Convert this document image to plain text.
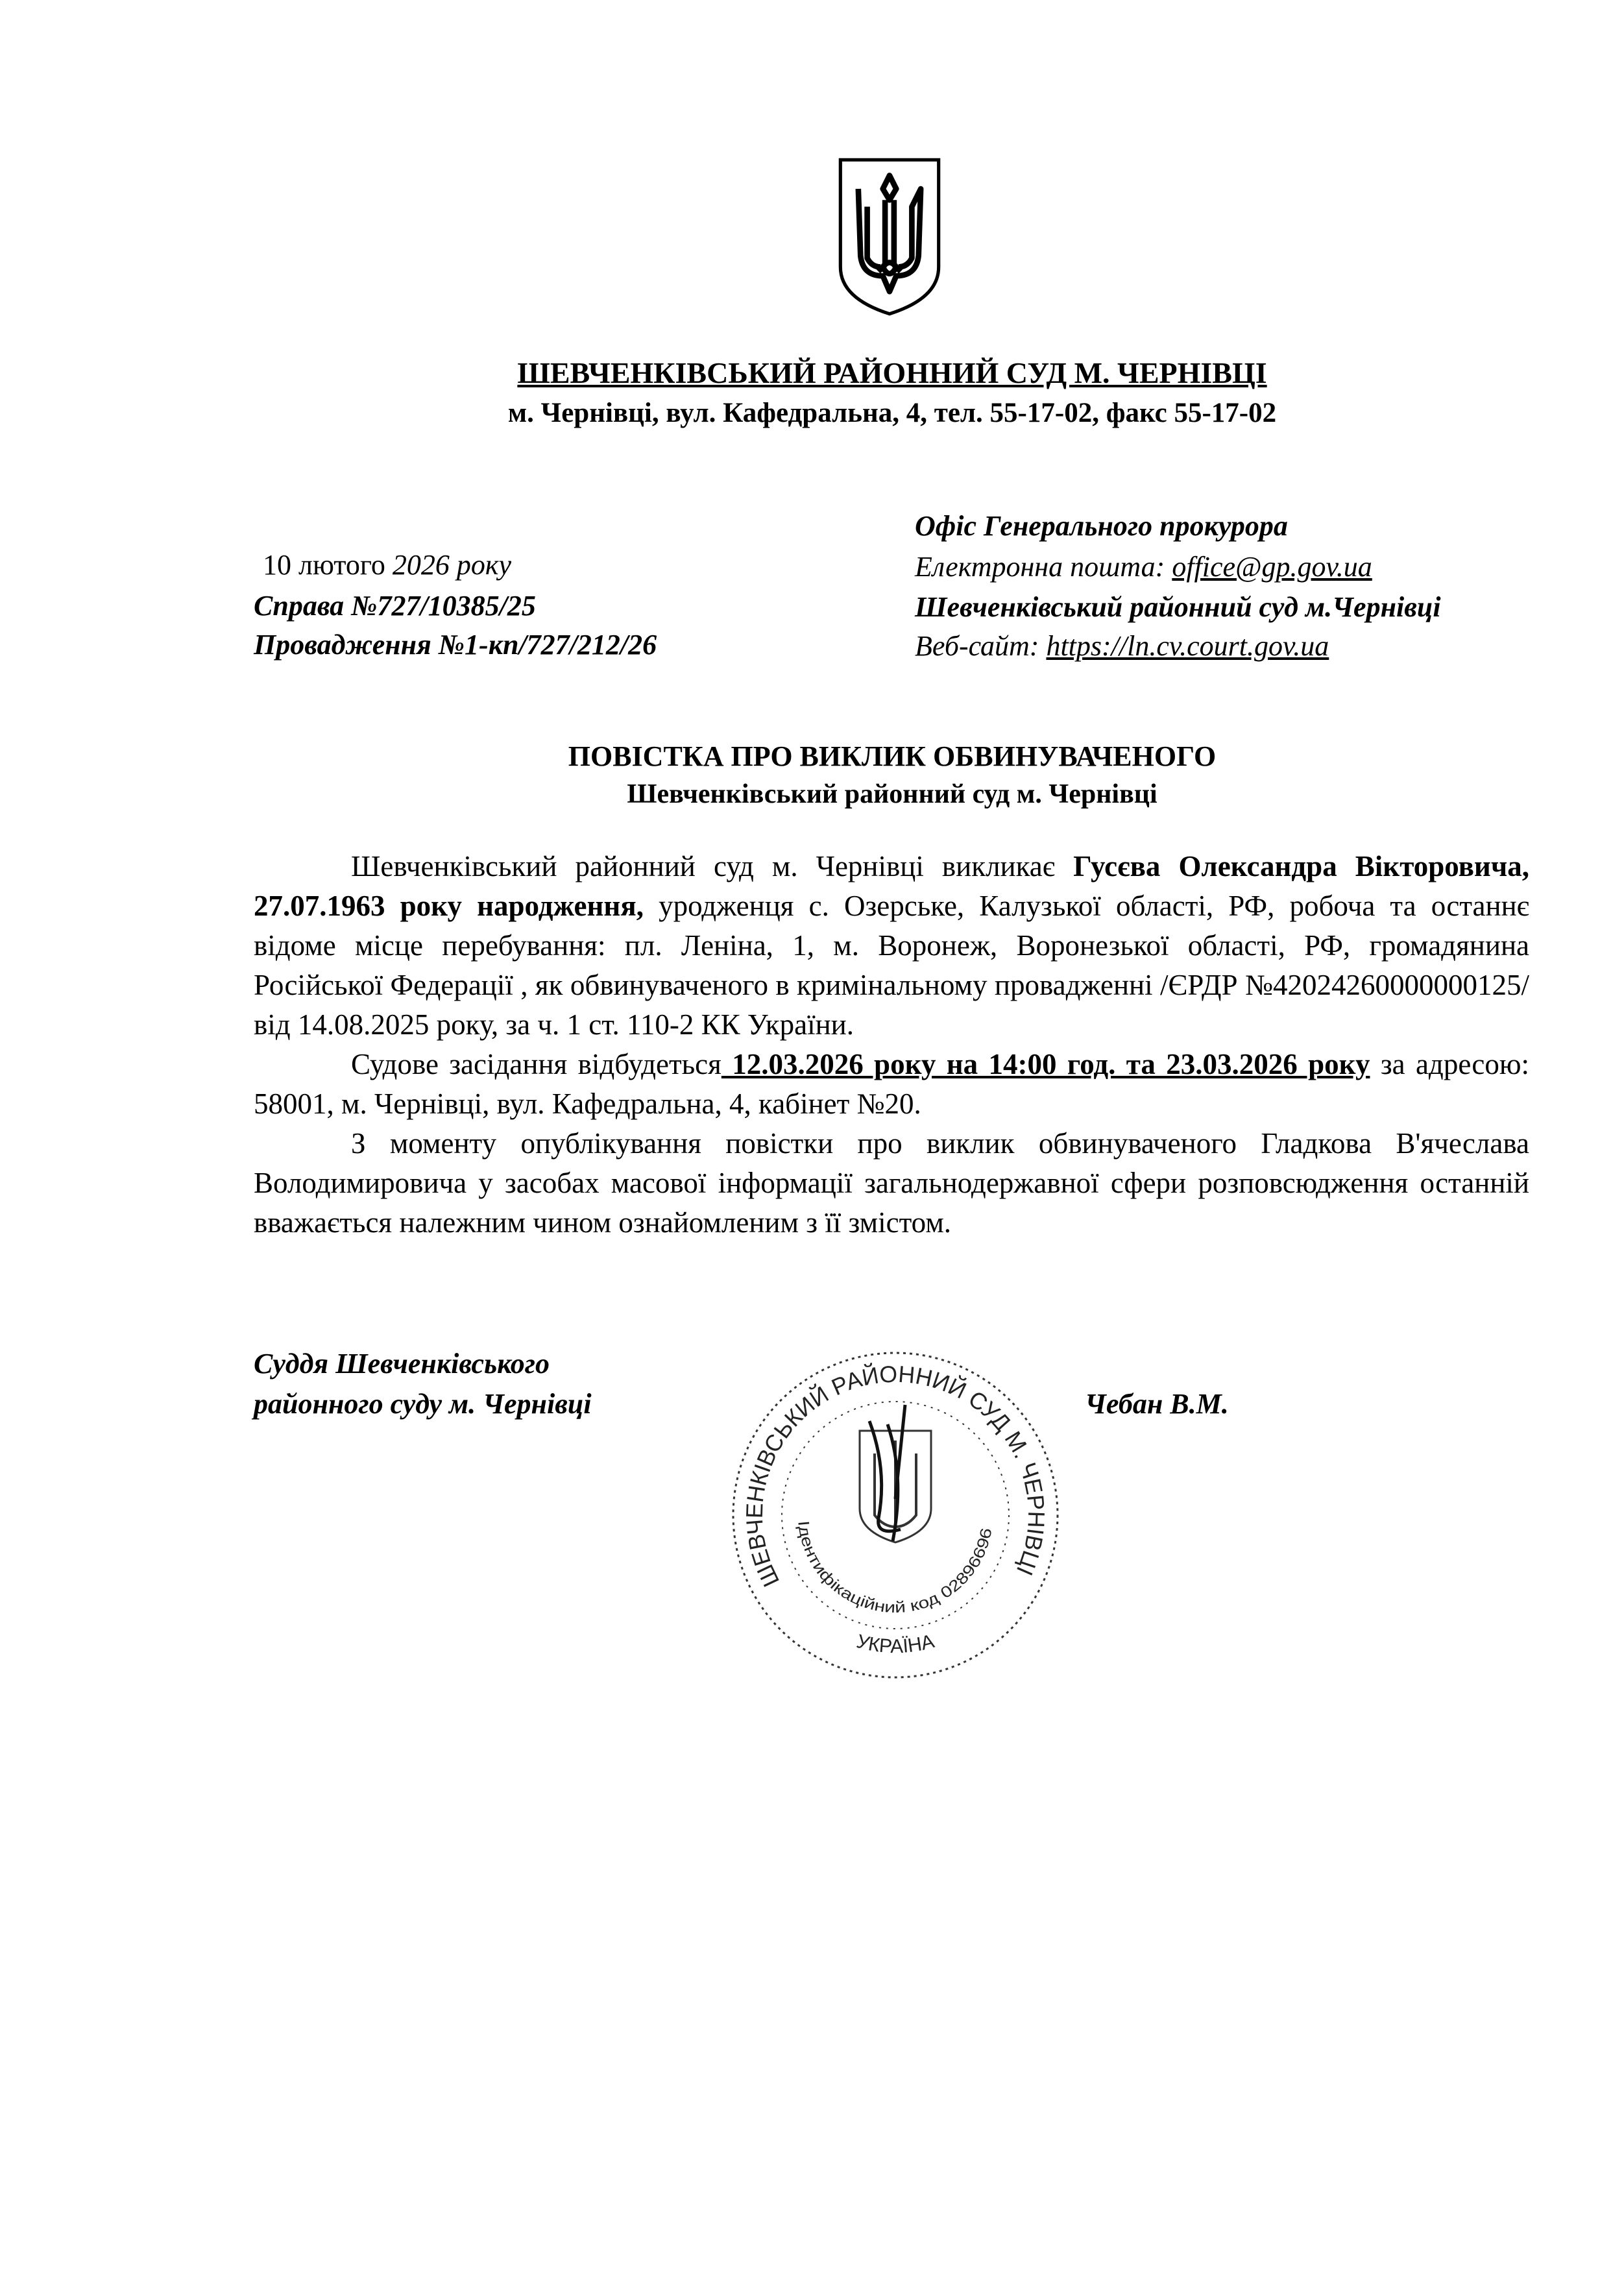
ШЕВЧЕНКІВСЬКИЙ РАЙОННИЙ СУД М. ЧЕРНІВЦІ
м. Чернівці, вул. Кафедральна, 4, тел. 55-17-02, факс 55-17-02
10 лютого 2026 року
Справа №727/10385/25
Провадження №1-кп/727/212/26
Офіс Генерального прокурора
Електронна пошта: office@gp.gov.ua
Шевченківський районний суд м.Чернівці
Веб-сайт: https://ln.cv.court.gov.ua
ПОВІСТКА ПРО ВИКЛИК ОБВИНУВАЧЕНОГО
Шевченківський районний суд м. Чернівці

Шевченківський районний суд м. Чернівці викликає Гусєва Олександра Вікторовича, 27.07.1963 року народження, уродженця с. Озерське, Калузької області, РФ, робоча та останнє відоме місце перебування: пл. Леніна, 1, м. Воронеж, Воронезької області, РФ, громадянина Російської Федерації , як обвинуваченого в кримінальному провадженні /ЄРДР №42024260000000125/ від 14.08.2025 року, за ч. 1 ст. 110-2 КК України.

Судове засідання відбудеться 12.03.2026 року на 14:00 год. та 23.03.2026 року за адресою: 58001, м. Чернівці, вул. Кафедральна, 4, кабінет №20.

З моменту опублікування повістки про виклик обвинуваченого Гладкова В'ячеслава Володимировича у засобах масової інформації загальнодержавної сфери розповсюдження останній вважається належним чином ознайомленим з її змістом.

Суддя Шевченківського
районного суду м. Чернівці	Чебан В.М.
ШЕВЧЕНКІВСЬКИЙ РАЙОННИЙ СУД М. ЧЕРНІВЦІ
УКРАЇНА
Ідентифікаційний код 02896696
